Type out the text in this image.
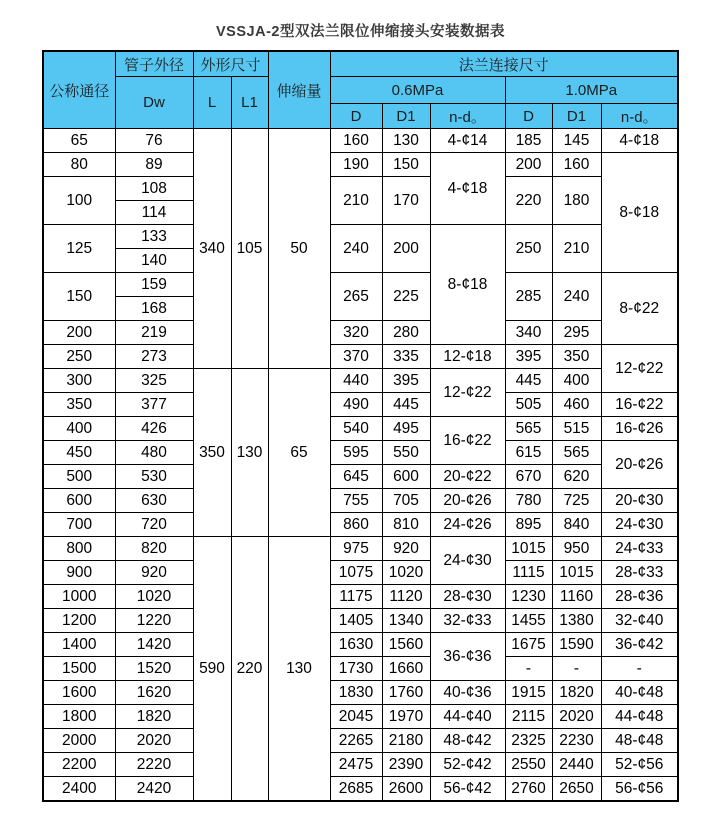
VSSJA-2型双法兰限位伸缩接头安装数据表
公称通径	管子外径	外形尺寸		伸缩量	法兰连接尺寸					
	Dw	L	L1		0.6MPa			1.0MPa		
					D	D1	n-d。	D	D1	n-d。
65	76	340	105	50	160	130	4-¢14	185	145	4-¢18
80	89				190	150	4-¢18	200	160	8-¢18
100	108				210	170		220	180	
	114									
125	133				240	200	8-¢18	250	210	
	140									
150	159				265	225		285	240	8-¢22
	168									
200	219				320	280		340	295	
250	273				370	335	12-¢18	395	350	12-¢22
300	325	350	130	65	440	395	12-¢22	445	400	
350	377				490	445		505	460	16-¢22
400	426				540	495	16-¢22	565	515	16-¢26
450	480				595	550		615	565	20-¢26
500	530				645	600	20-¢22	670	620	
600	630				755	705	20-¢26	780	725	20-¢30
700	720				860	810	24-¢26	895	840	24-¢30
800	820	590	220	130	975	920	24-¢30	1015	950	24-¢33
900	920				1075	1020		1115	1015	28-¢33
1000	1020				1175	1120	28-¢30	1230	1160	28-¢36
1200	1220				1405	1340	32-¢33	1455	1380	32-¢40
1400	1420				1630	1560	36-¢36	1675	1590	36-¢42
1500	1520				1730	1660		-	-	-
1600	1620				1830	1760	40-¢36	1915	1820	40-¢48
1800	1820				2045	1970	44-¢40	2115	2020	44-¢48
2000	2020				2265	2180	48-¢42	2325	2230	48-¢48
2200	2220				2475	2390	52-¢42	2550	2440	52-¢56
2400	2420				2685	2600	56-¢42	2760	2650	56-¢56
